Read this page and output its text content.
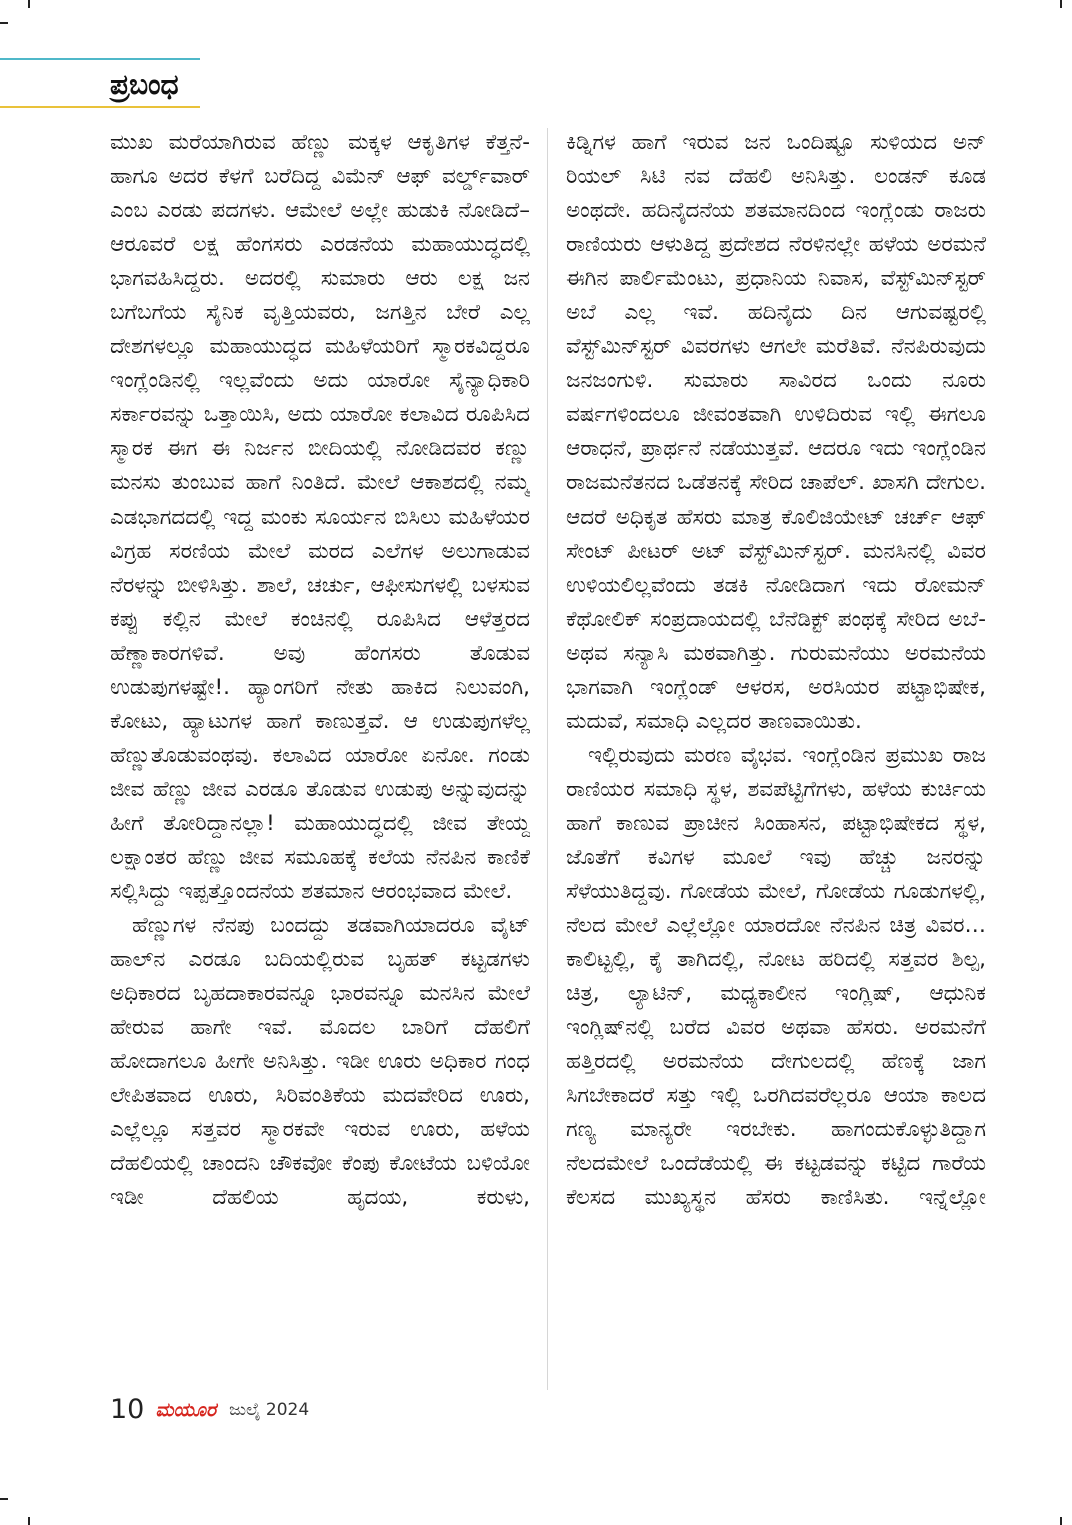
ಪ್ರಬಂಧ

ಮುಖ ಮರೆಯಾಗಿರುವ ಹೆಣ್ಣು ಮಕ್ಕಳ ಆಕೃತಿಗಳ ಕೆತ್ತನೆ-ಹಾಗೂ ಅದರ ಕೆಳಗೆ ಬರೆದಿದ್ದ ವಿಮೆನ್ ಆಫ್ ವರ್ಲ್ಡ್‌ವಾರ್ ಎಂಬ ಎರಡು ಪದಗಳು. ಆಮೇಲೆ ಅಲ್ಲೇ ಹುಡುಕಿ ನೋಡಿದೆ– ಆರೂವರೆ ಲಕ್ಷ ಹೆಂಗಸರು ಎರಡನೆಯ ಮಹಾಯುದ್ಧದಲ್ಲಿ ಭಾಗವಹಿಸಿದ್ದರು. ಅದರಲ್ಲಿ ಸುಮಾರು ಆರು ಲಕ್ಷ ಜನ ಬಗೆಬಗೆಯ ಸೈನಿಕ ವೃತ್ತಿಯವರು, ಜಗತ್ತಿನ ಬೇರೆ ಎಲ್ಲ ದೇಶಗಳಲ್ಲೂ ಮಹಾಯುದ್ಧದ ಮಹಿಳೆಯರಿಗೆ ಸ್ಮಾರಕವಿದ್ದರೂ ಇಂಗ್ಲೆಂಡಿನಲ್ಲಿ ಇಲ್ಲವೆಂದು ಅದು ಯಾರೋ ಸೈನ್ಯಾಧಿಕಾರಿ ಸರ್ಕಾರವನ್ನು ಒತ್ತಾಯಿಸಿ, ಅದು ಯಾರೋ ಕಲಾವಿದ ರೂಪಿಸಿದ ಸ್ಮಾರಕ ಈಗ ಈ ನಿರ್ಜನ ಬೀದಿಯಲ್ಲಿ ನೋಡಿದವರ ಕಣ್ಣು ಮನಸು ತುಂಬುವ ಹಾಗೆ ನಿಂತಿದೆ. ಮೇಲೆ ಆಕಾಶದಲ್ಲಿ ನಮ್ಮ ಎಡಭಾಗದದಲ್ಲಿ ಇದ್ದ ಮಂಕು ಸೂರ್ಯನ ಬಿಸಿಲು ಮಹಿಳೆಯರ ವಿಗ್ರಹ ಸರಣಿಯ ಮೇಲೆ ಮರದ ಎಲೆಗಳ ಅಲುಗಾಡುವ ನೆರಳನ್ನು ಬೀಳಿಸಿತ್ತು. ಶಾಲೆ, ಚರ್ಚು, ಆಫೀಸುಗಳಲ್ಲಿ ಬಳಸುವ ಕಪ್ಪು ಕಲ್ಲಿನ ಮೇಲೆ ಕಂಚಿನಲ್ಲಿ ರೂಪಿಸಿದ ಆಳೆತ್ತರದ ಹೆಣ್ಣಾಕಾರಗಳಿವೆ. ಅವು ಹೆಂಗಸರು ತೊಡುವ ಉಡುಪುಗಳಷ್ಟೇ!. ಹ್ಯಾಂಗರಿಗೆ ನೇತು ಹಾಕಿದ ನಿಲುವಂಗಿ, ಕೋಟು, ಹ್ಯಾಟುಗಳ ಹಾಗೆ ಕಾಣುತ್ತವೆ. ಆ ಉಡುಪುಗಳೆಲ್ಲ ಹೆಣ್ಣುತೊಡುವಂಥವು. ಕಲಾವಿದ ಯಾರೋ ಏನೋ. ಗಂಡು ಜೀವ ಹೆಣ್ಣು ಜೀವ ಎರಡೂ ತೊಡುವ ಉಡುಪು ಅನ್ನುವುದನ್ನು ಹೀಗೆ ತೋರಿದ್ದಾನಲ್ಲಾ! ಮಹಾಯುದ್ಧದಲ್ಲಿ ಜೀವ ತೇಯ್ದ ಲಕ್ಷಾಂತರ ಹೆಣ್ಣು ಜೀವ ಸಮೂಹಕ್ಕೆ ಕಲೆಯ ನೆನಪಿನ ಕಾಣಿಕೆ ಸಲ್ಲಿಸಿದ್ದು ಇಪ್ಪತ್ತೊಂದನೆಯ ಶತಮಾನ ಆರಂಭವಾದ ಮೇಲೆ.

ಹೆಣ್ಣುಗಳ ನೆನಪು ಬಂದದ್ದು ತಡವಾಗಿಯಾದರೂ ವೈಟ್ ಹಾಲ್‌ನ ಎರಡೂ ಬದಿಯಲ್ಲಿರುವ ಬೃಹತ್ ಕಟ್ಟಡಗಳು ಅಧಿಕಾರದ ಬೃಹದಾಕಾರವನ್ನೂ ಭಾರವನ್ನೂ ಮನಸಿನ ಮೇಲೆ ಹೇರುವ ಹಾಗೇ ಇವೆ. ಮೊದಲ ಬಾರಿಗೆ ದೆಹಲಿಗೆ ಹೋದಾಗಲೂ ಹೀಗೇ ಅನಿಸಿತ್ತು. ಇಡೀ ಊರು ಅಧಿಕಾರ ಗಂಧ ಲೇಪಿತವಾದ ಊರು, ಸಿರಿವಂತಿಕೆಯ ಮದವೇರಿದ ಊರು, ಎಲ್ಲೆಲ್ಲೂ ಸತ್ತವರ ಸ್ಮಾರಕವೇ ಇರುವ ಊರು, ಹಳೆಯ ದೆಹಲಿಯಲ್ಲಿ ಚಾಂದನಿ ಚೌಕವೋ ಕೆಂಪು ಕೋಟೆಯ ಬಳಿಯೋ ಇಡೀ ದೆಹಲಿಯ ಹೃದಯ, ಕರುಳು,

ಕಿಡ್ನಿಗಳ ಹಾಗೆ ಇರುವ ಜನ ಒಂದಿಷ್ಟೂ ಸುಳಿಯದ ಅನ್ ರಿಯಲ್ ಸಿಟಿ ನವ ದೆಹಲಿ ಅನಿಸಿತ್ತು. ಲಂಡನ್ ಕೂಡ ಅಂಥದೇ. ಹದಿನೈದನೆಯ ಶತಮಾನದಿಂದ ಇಂಗ್ಲೆಂಡು ರಾಜರು ರಾಣಿಯರು ಆಳುತಿದ್ದ ಪ್ರದೇಶದ ನೆರಳಿನಲ್ಲೇ ಹಳೆಯ ಅರಮನೆ ಈಗಿನ ಪಾರ್ಲಿಮೆಂಟು, ಪ್ರಧಾನಿಯ ನಿವಾಸ, ವೆಸ್ಟ್‌ಮಿನ್‌ಸ್ಟರ್ ಅಬೆ ಎಲ್ಲ ಇವೆ. ಹದಿನೈದು ದಿನ ಆಗುವಷ್ಟರಲ್ಲಿ ವೆಸ್ಟ್‌ಮಿನ್‌ಸ್ಟರ್ ವಿವರಗಳು ಆಗಲೇ ಮರೆತಿವೆ. ನೆನಪಿರುವುದು ಜನಜಂಗುಳಿ. ಸುಮಾರು ಸಾವಿರದ ಒಂದು ನೂರು ವರ್ಷಗಳಿಂದಲೂ ಜೀವಂತವಾಗಿ ಉಳಿದಿರುವ ಇಲ್ಲಿ ಈಗಲೂ ಆರಾಧನೆ, ಪ್ರಾರ್ಥನೆ ನಡೆಯುತ್ತವೆ. ಆದರೂ ಇದು ಇಂಗ್ಲೆಂಡಿನ ರಾಜಮನೆತನದ ಒಡೆತನಕ್ಕೆ ಸೇರಿದ ಚಾಪೆಲ್. ಖಾಸಗಿ ದೇಗುಲ. ಆದರೆ ಅಧಿಕೃತ ಹೆಸರು ಮಾತ್ರ ಕೊಲಿಜಿಯೇಟ್ ಚರ್ಚ್ ಆಫ್ ಸೇಂಟ್ ಪೀಟರ್ ಅಟ್ ವೆಸ್ಟ್‌ಮಿನ್‌ಸ್ಟರ್. ಮನಸಿನಲ್ಲಿ ವಿವರ ಉಳಿಯಲಿಲ್ಲವೆಂದು ತಡಕಿ ನೋಡಿದಾಗ ಇದು ರೋಮನ್ ಕೆಥೋಲಿಕ್ ಸಂಪ್ರದಾಯದಲ್ಲಿ ಬೆನೆಡಿಕ್ಟ್ ಪಂಥಕ್ಕೆ ಸೇರಿದ ಅಬೆ-ಅಥವ ಸನ್ಯಾಸಿ ಮಠವಾಗಿತ್ತು. ಗುರುಮನೆಯು ಅರಮನೆಯ ಭಾಗವಾಗಿ ಇಂಗ್ಲೆಂಡ್ ಆಳರಸ, ಅರಸಿಯರ ಪಟ್ಟಾಭಿಷೇಕ, ಮದುವೆ, ಸಮಾಧಿ ಎಲ್ಲದರ ತಾಣವಾಯಿತು.

ಇಲ್ಲಿರುವುದು ಮರಣ ವೈಭವ. ಇಂಗ್ಲೆಂಡಿನ ಪ್ರಮುಖ ರಾಜ ರಾಣಿಯರ ಸಮಾಧಿ ಸ್ಥಳ, ಶವಪೆಟ್ಟಿಗೆಗಳು, ಹಳೆಯ ಕುರ್ಚಿಯ ಹಾಗೆ ಕಾಣುವ ಪ್ರಾಚೀನ ಸಿಂಹಾಸನ, ಪಟ್ಟಾಭಿಷೇಕದ ಸ್ಥಳ, ಜೊತೆಗೆ ಕವಿಗಳ ಮೂಲೆ ಇವು ಹೆಚ್ಚು ಜನರನ್ನು ಸೆಳೆಯುತಿದ್ದವು. ಗೋಡೆಯ ಮೇಲೆ, ಗೋಡೆಯ ಗೂಡುಗಳಲ್ಲಿ, ನೆಲದ ಮೇಲೆ ಎಲ್ಲೆಲ್ಲೋ ಯಾರದೋ ನೆನಪಿನ ಚಿತ್ರ ವಿವರ… ಕಾಲಿಟ್ಟಲ್ಲಿ, ಕೈ ತಾಗಿದಲ್ಲಿ, ನೋಟ ಹರಿದಲ್ಲಿ ಸತ್ತವರ ಶಿಲ್ಪ, ಚಿತ್ರ, ಲ್ಯಾಟಿನ್, ಮಧ್ಯಕಾಲೀನ ಇಂಗ್ಲಿಷ್, ಆಧುನಿಕ ಇಂಗ್ಲಿಷ್‌ನಲ್ಲಿ ಬರೆದ ವಿವರ ಅಥವಾ ಹೆಸರು. ಅರಮನೆಗೆ ಹತ್ತಿರದಲ್ಲಿ ಅರಮನೆಯ ದೇಗುಲದಲ್ಲಿ ಹೆಣಕ್ಕೆ ಜಾಗ ಸಿಗಬೇಕಾದರೆ ಸತ್ತು ಇಲ್ಲಿ ಒರಗಿದವರೆಲ್ಲರೂ ಆಯಾ ಕಾಲದ ಗಣ್ಯ ಮಾನ್ಯರೇ ಇರಬೇಕು. ಹಾಗಂದುಕೊಳ್ಳುತಿದ್ದಾಗ ನೆಲದಮೇಲೆ ಒಂದೆಡೆಯಲ್ಲಿ ಈ ಕಟ್ಟಡವನ್ನು ಕಟ್ಟಿದ ಗಾರೆಯ ಕೆಲಸದ ಮುಖ್ಯಸ್ಥನ ಹೆಸರು ಕಾಣಿಸಿತು. ಇನ್ನೆಲ್ಲೋ

10 ಮಯೂರ ಜುಲೈ 2024
